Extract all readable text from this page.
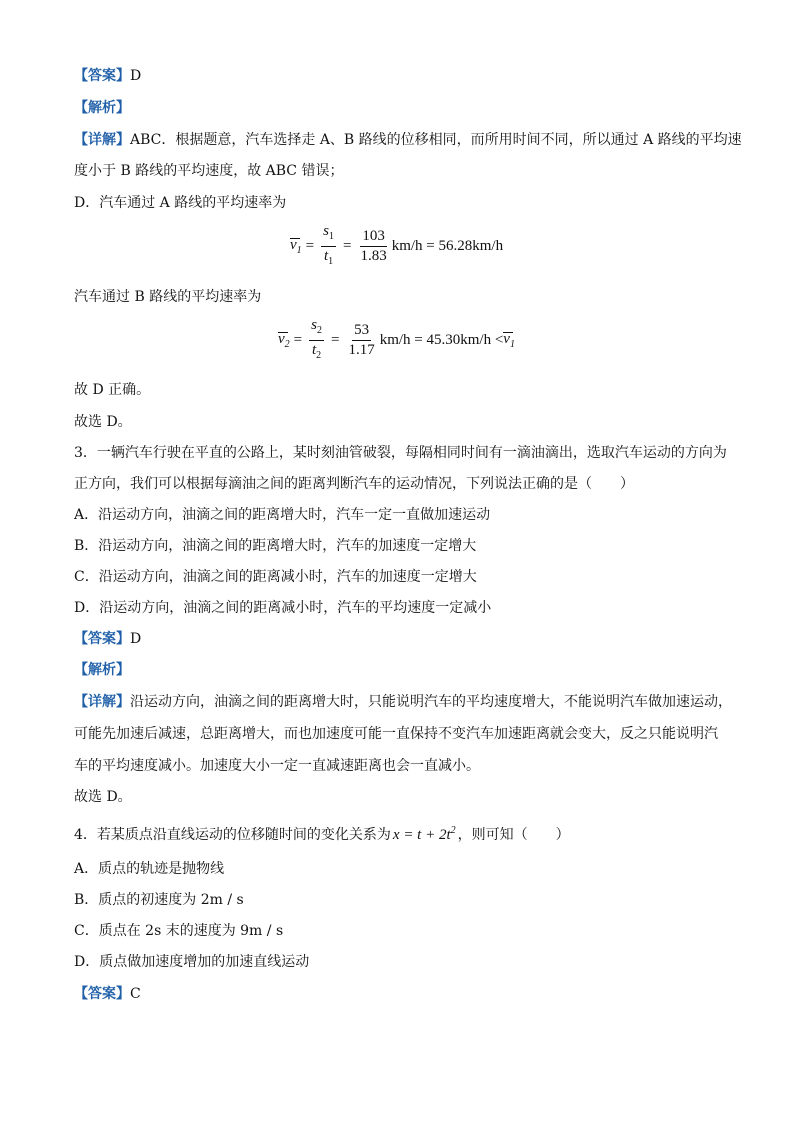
【答案】D
【解析】
【详解】ABC．根据题意，汽车选择走 A、B 路线的位移相同，而所用时间不同，所以通过 A 路线的平均速
度小于 B 路线的平均速度，故 ABC 错误；
D．汽车通过 A 路线的平均速率为
$v_1 = \frac{s_1}{t_1} = \frac{103}{1.83} km/h = 56.28km/h$
汽车通过 B 路线的平均速率为
$v_2 = \frac{s_2}{t_2} = \frac{53}{1.17} km/h = 45.30km/h < v_1$
故 D 正确。
故选 D。
3．一辆汽车行驶在平直的公路上，某时刻油管破裂，每隔相同时间有一滴油滴出，选取汽车运动的方向为
正方向，我们可以根据每滴油之间的距离判断汽车的运动情况，下列说法正确的是（　　）
A．沿运动方向，油滴之间的距离增大时，汽车一定一直做加速运动
B．沿运动方向，油滴之间的距离增大时，汽车的加速度一定增大
C．沿运动方向，油滴之间的距离减小时，汽车的加速度一定增大
D．沿运动方向，油滴之间的距离减小时，汽车的平均速度一定减小
【答案】D
【解析】
【详解】沿运动方向，油滴之间的距离增大时，只能说明汽车的平均速度增大，不能说明汽车做加速运动，
可能先加速后减速，总距离增大，而也加速度可能一直保持不变汽车加速距离就会变大，反之只能说明汽
车的平均速度减小。加速度大小一定一直减速距离也会一直减小。
故选 D。
4．若某质点沿直线运动的位移随时间的变化关系为 $x = t + 2t^2$ ，则可知（　　）
A．质点的轨迹是抛物线
B．质点的初速度为 2m / s
C．质点在 2s 末的速度为 9m / s
D．质点做加速度增加的加速直线运动
【答案】C
